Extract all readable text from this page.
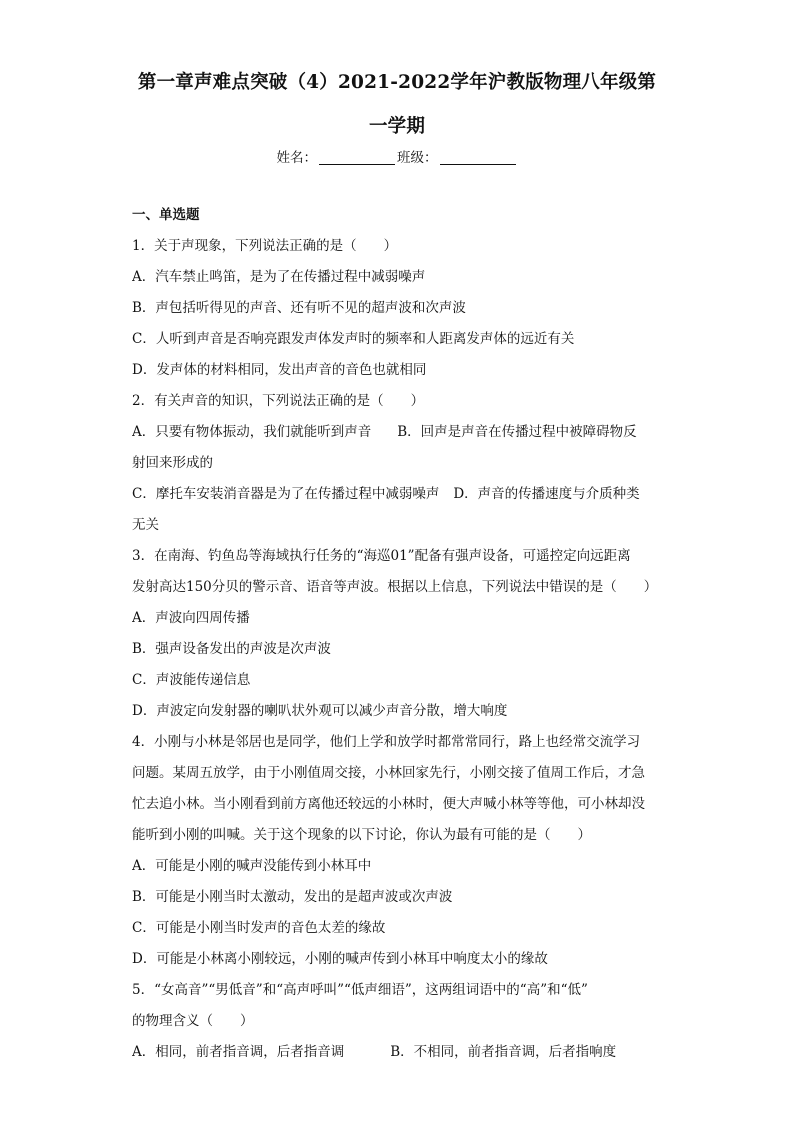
第一章声难点突破（4）2021-2022学年沪教版物理八年级第
一学期
姓名：	班级：
一、单选题
1．关于声现象，下列说法正确的是（　　）
A．汽车禁止鸣笛，是为了在传播过程中减弱噪声
B．声包括听得见的声音、还有听不见的超声波和次声波
C．人听到声音是否响亮跟发声体发声时的频率和人距离发声体的远近有关
D．发声体的材料相同，发出声音的音色也就相同
2．有关声音的知识，下列说法正确的是（　　）
A．只要有物体振动，我们就能听到声音 B．回声是声音在传播过程中被障碍物反
射回来形成的
C．摩托车安装消音器是为了在传播过程中减弱噪声 D．声音的传播速度与介质种类
无关
3．在南海、钓鱼岛等海域执行任务的“海巡01”配备有强声设备，可遥控定向远距离
发射高达150分贝的警示音、语音等声波。根据以上信息，下列说法中错误的是（　　）
A．声波向四周传播
B．强声设备发出的声波是次声波
C．声波能传递信息
D．声波定向发射器的喇叭状外观可以减少声音分散，增大响度
4．小刚与小林是邻居也是同学，他们上学和放学时都常常同行，路上也经常交流学习
问题。某周五放学，由于小刚值周交接，小林回家先行，小刚交接了值周工作后，才急
忙去追小林。当小刚看到前方离他还较远的小林时，便大声喊小林等等他，可小林却没
能听到小刚的叫喊。关于这个现象的以下讨论，你认为最有可能的是（　　）
A．可能是小刚的喊声没能传到小林耳中
B．可能是小刚当时太激动，发出的是超声波或次声波
C．可能是小刚当时发声的音色太差的缘故
D．可能是小林离小刚较远，小刚的喊声传到小林耳中响度太小的缘故
5．“女高音”“男低音”和“高声呼叫”“低声细语”，这两组词语中的“高”和“低”
的物理含义（　　）
A．相同，前者指音调，后者指音调	B．不相同，前者指音调，后者指响度
